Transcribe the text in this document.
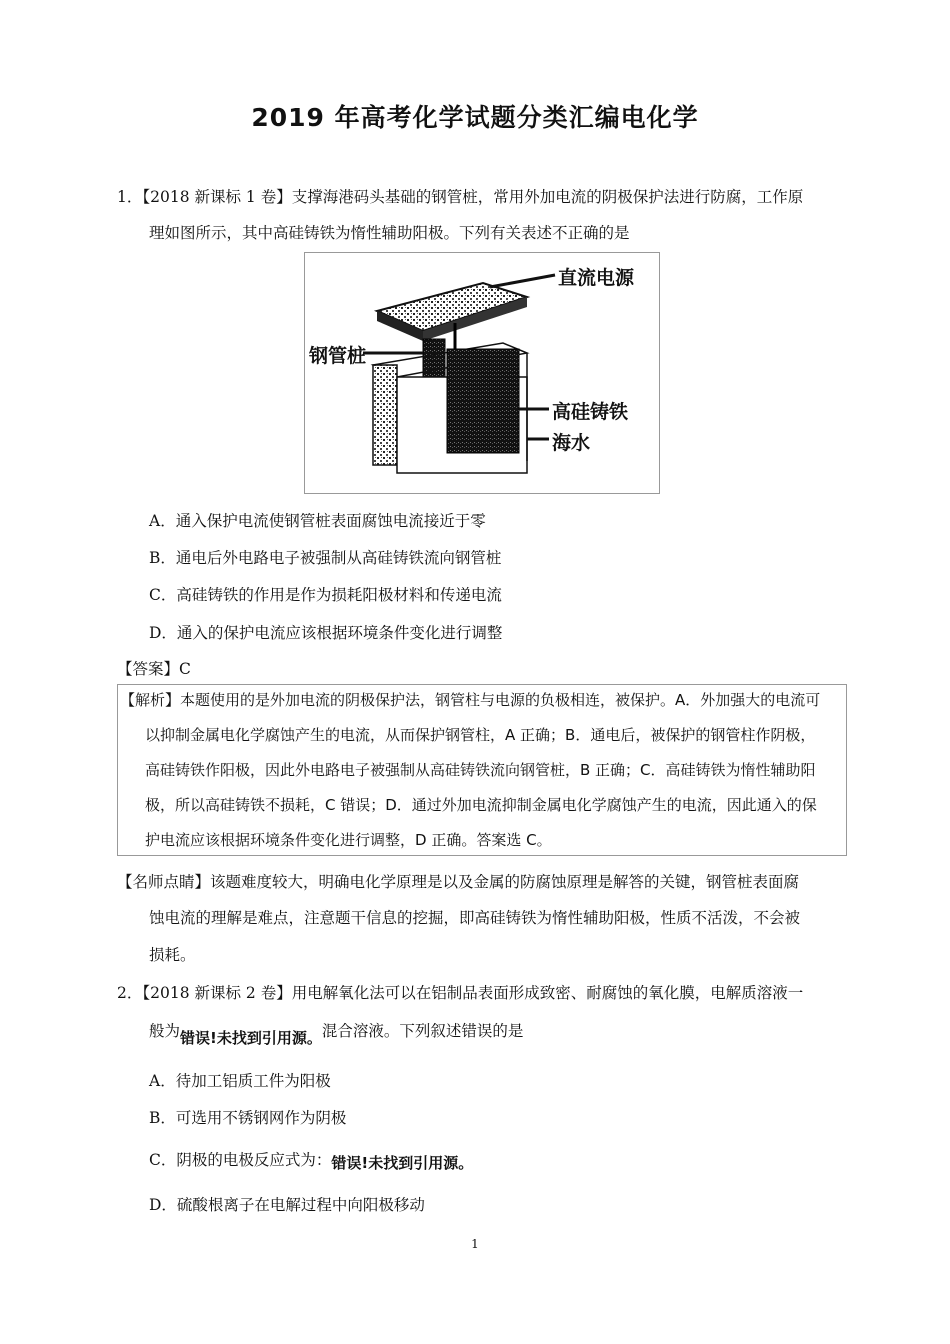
2019 年高考化学试题分类汇编电化学
1．【2018 新课标 1 卷】支撑海港码头基础的钢管桩，常用外加电流的阴极保护法进行防腐，工作原
理如图所示，其中高硅铸铁为惰性辅助阳极。下列有关表述不正确的是
直流电源
钢管桩
高硅铸铁
海水
A．通入保护电流使钢管桩表面腐蚀电流接近于零
B．通电后外电路电子被强制从高硅铸铁流向钢管桩
C．高硅铸铁的作用是作为损耗阳极材料和传递电流
D．通入的保护电流应该根据环境条件变化进行调整
【答案】C
【解析】本题使用的是外加电流的阴极保护法，钢管柱与电源的负极相连，被保护。A．外加强大的电流可
以抑制金属电化学腐蚀产生的电流，从而保护钢管柱，A 正确；B．通电后，被保护的钢管柱作阴极，
高硅铸铁作阳极，因此外电路电子被强制从高硅铸铁流向钢管桩，B 正确；C．高硅铸铁为惰性辅助阳
极，所以高硅铸铁不损耗，C 错误；D．通过外加电流抑制金属电化学腐蚀产生的电流，因此通入的保
护电流应该根据环境条件变化进行调整，D 正确。答案选 C。
【名师点睛】该题难度较大，明确电化学原理是以及金属的防腐蚀原理是解答的关键，钢管桩表面腐
蚀电流的理解是难点，注意题干信息的挖掘，即高硅铸铁为惰性辅助阳极，性质不活泼，不会被
损耗。
2．【2018 新课标 2 卷】用电解氧化法可以在铝制品表面形成致密、耐腐蚀的氧化膜，电解质溶液一
般为错误!未找到引用源。混合溶液。下列叙述错误的是
A．待加工铝质工件为阳极
B．可选用不锈钢网作为阴极
C．阴极的电极反应式为：错误!未找到引用源。
D．硫酸根离子在电解过程中向阳极移动
1
